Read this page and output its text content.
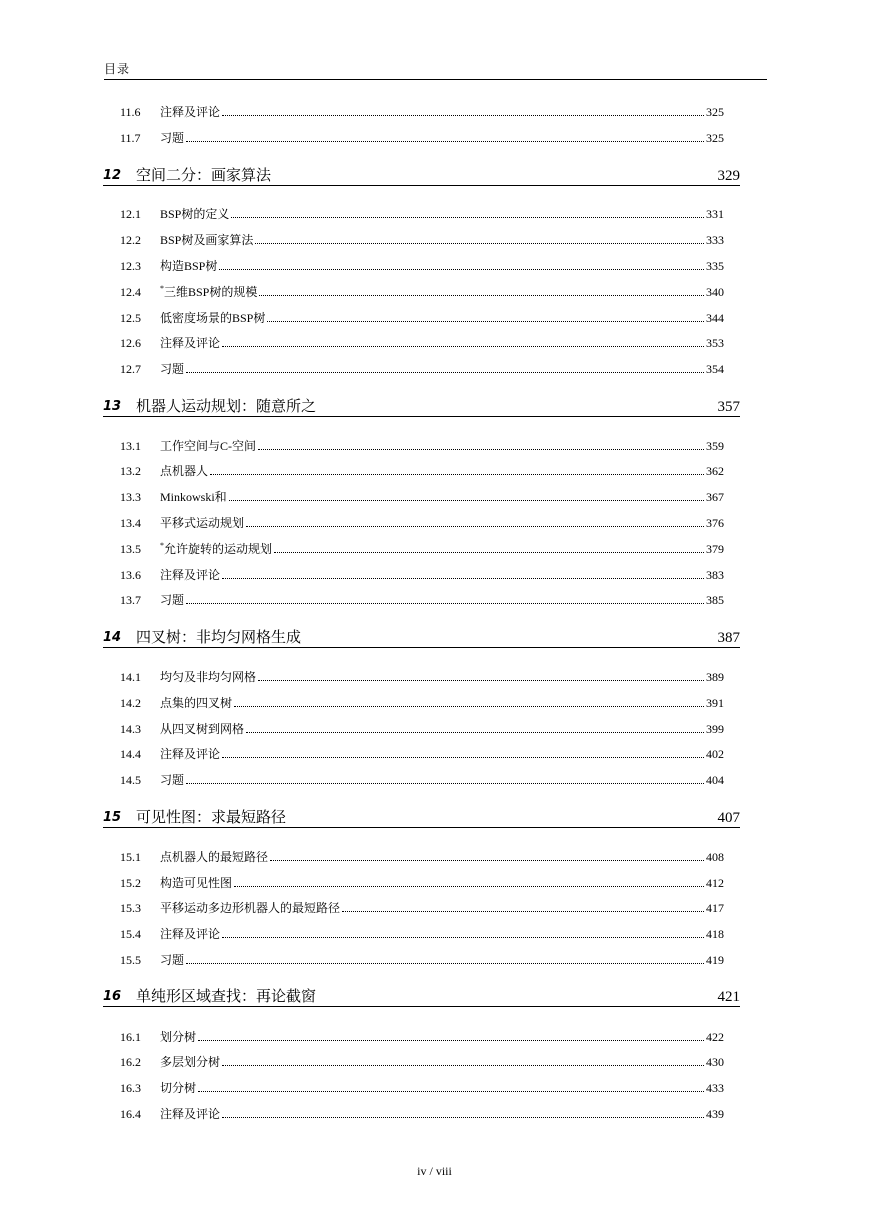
目录
11.6	注释及评论	325
11.7	习题	325
12 空间二分：画家算法	329
12.1	BSP树的定义	331
12.2	BSP树及画家算法	333
12.3	构造BSP树	335
12.4	*三维BSP树的规模	340
12.5	低密度场景的BSP树	344
12.6	注释及评论	353
12.7	习题	354
13 机器人运动规划：随意所之	357
13.1	工作空间与C-空间	359
13.2	点机器人	362
13.3	Minkowski和	367
13.4	平移式运动规划	376
13.5	*允许旋转的运动规划	379
13.6	注释及评论	383
13.7	习题	385
14 四叉树：非均匀网格生成	387
14.1	均匀及非均匀网格	389
14.2	点集的四叉树	391
14.3	从四叉树到网格	399
14.4	注释及评论	402
14.5	习题	404
15 可见性图：求最短路径	407
15.1	点机器人的最短路径	408
15.2	构造可见性图	412
15.3	平移运动多边形机器人的最短路径	417
15.4	注释及评论	418
15.5	习题	419
16 单纯形区域查找：再论截窗	421
16.1	划分树	422
16.2	多层划分树	430
16.3	切分树	433
16.4	注释及评论	439
iv / viii
